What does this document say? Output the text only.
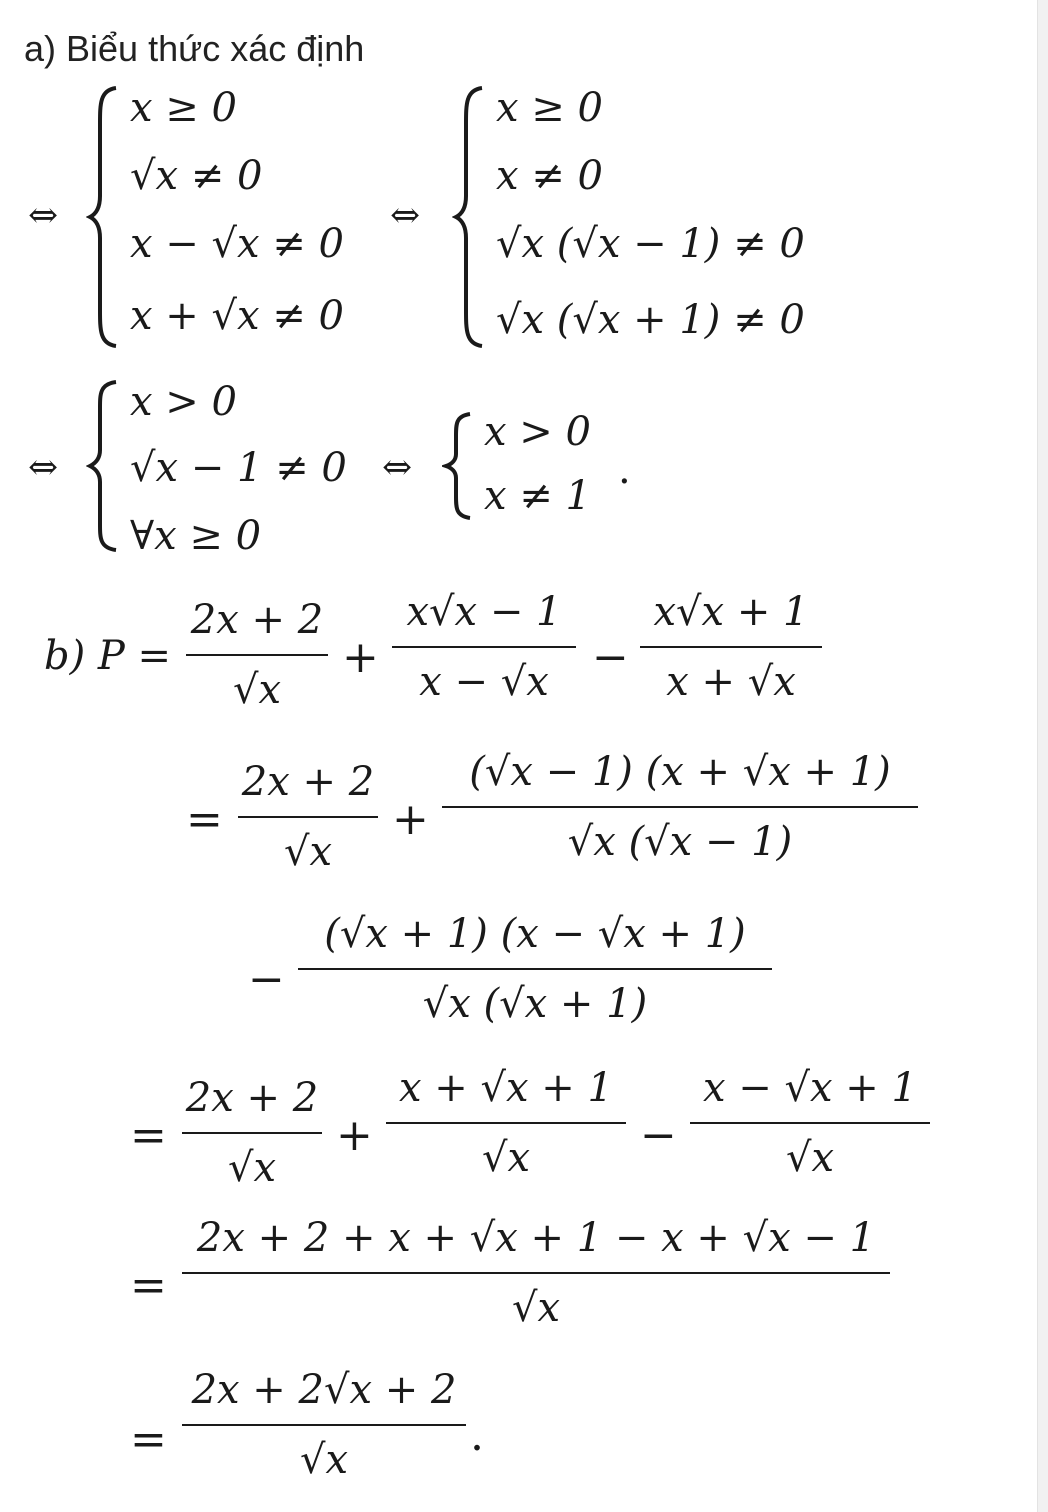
a) Biểu thức xác định
⇔
x ≥ 0
√x ≠ 0
x − √x ≠ 0
x + √x ≠ 0
⇔
x ≥ 0
x ≠ 0
√x (√x − 1) ≠ 0
√x (√x + 1) ≠ 0
⇔
x > 0
√x − 1 ≠ 0
∀x ≥ 0
⇔
x > 0
x ≠ 1
.
b) P =
2x + 2
√x
+
x√x − 1
x − √x −
x√x + 1
x + √x
=
2x + 2
√x
+
(√x − 1) (x + √x + 1)
√x (√x − 1)
−
(√x + 1) (x − √x + 1)
√x (√x + 1)
=
2x + 2
√x
+
x + √x + 1
√x	−
x − √x + 1
√x
=
2x + 2 + x + √x + 1 − x + √x − 1
√x
=
2x + 2√x + 2
√x	.
